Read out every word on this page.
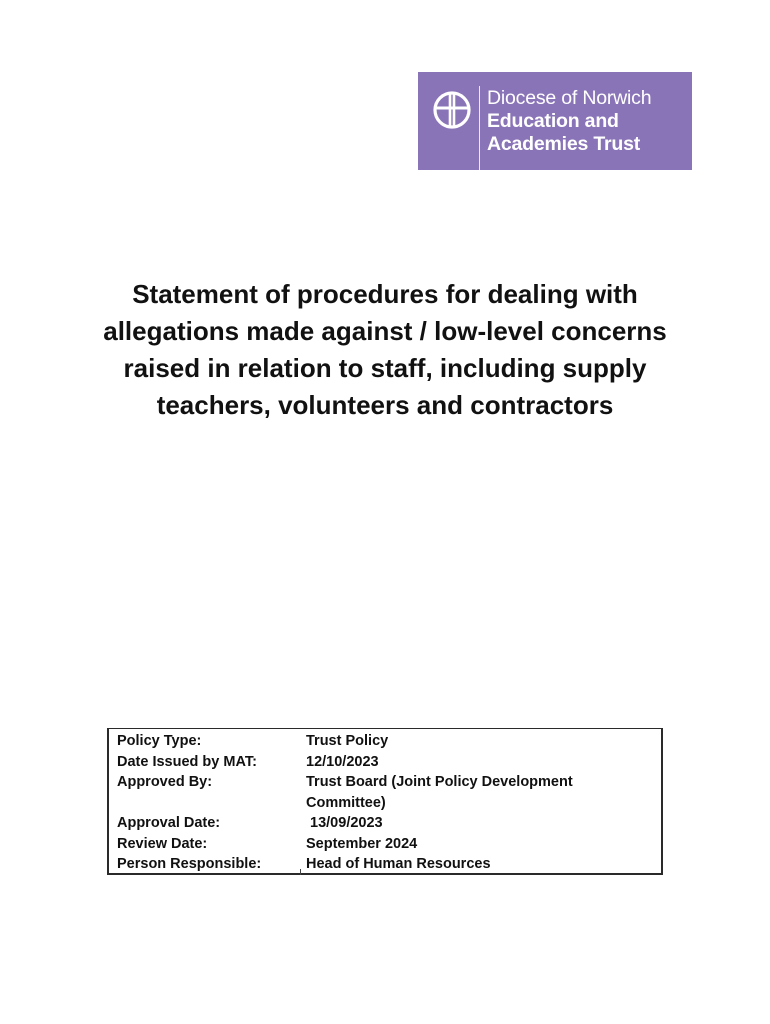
Diocese of Norwich
Education and
Academies Trust
Statement of procedures for dealing with
allegations made against / low-level concerns
raised in relation to staff, including supply
teachers, volunteers and contractors
Policy Type:	Trust Policy
Date Issued by MAT:	12/10/2023
Approved By:	Trust Board (Joint Policy Development Committee)
Approval Date:	13/09/2023
Review Date:	September 2024
Person Responsible:	Head of Human Resources
